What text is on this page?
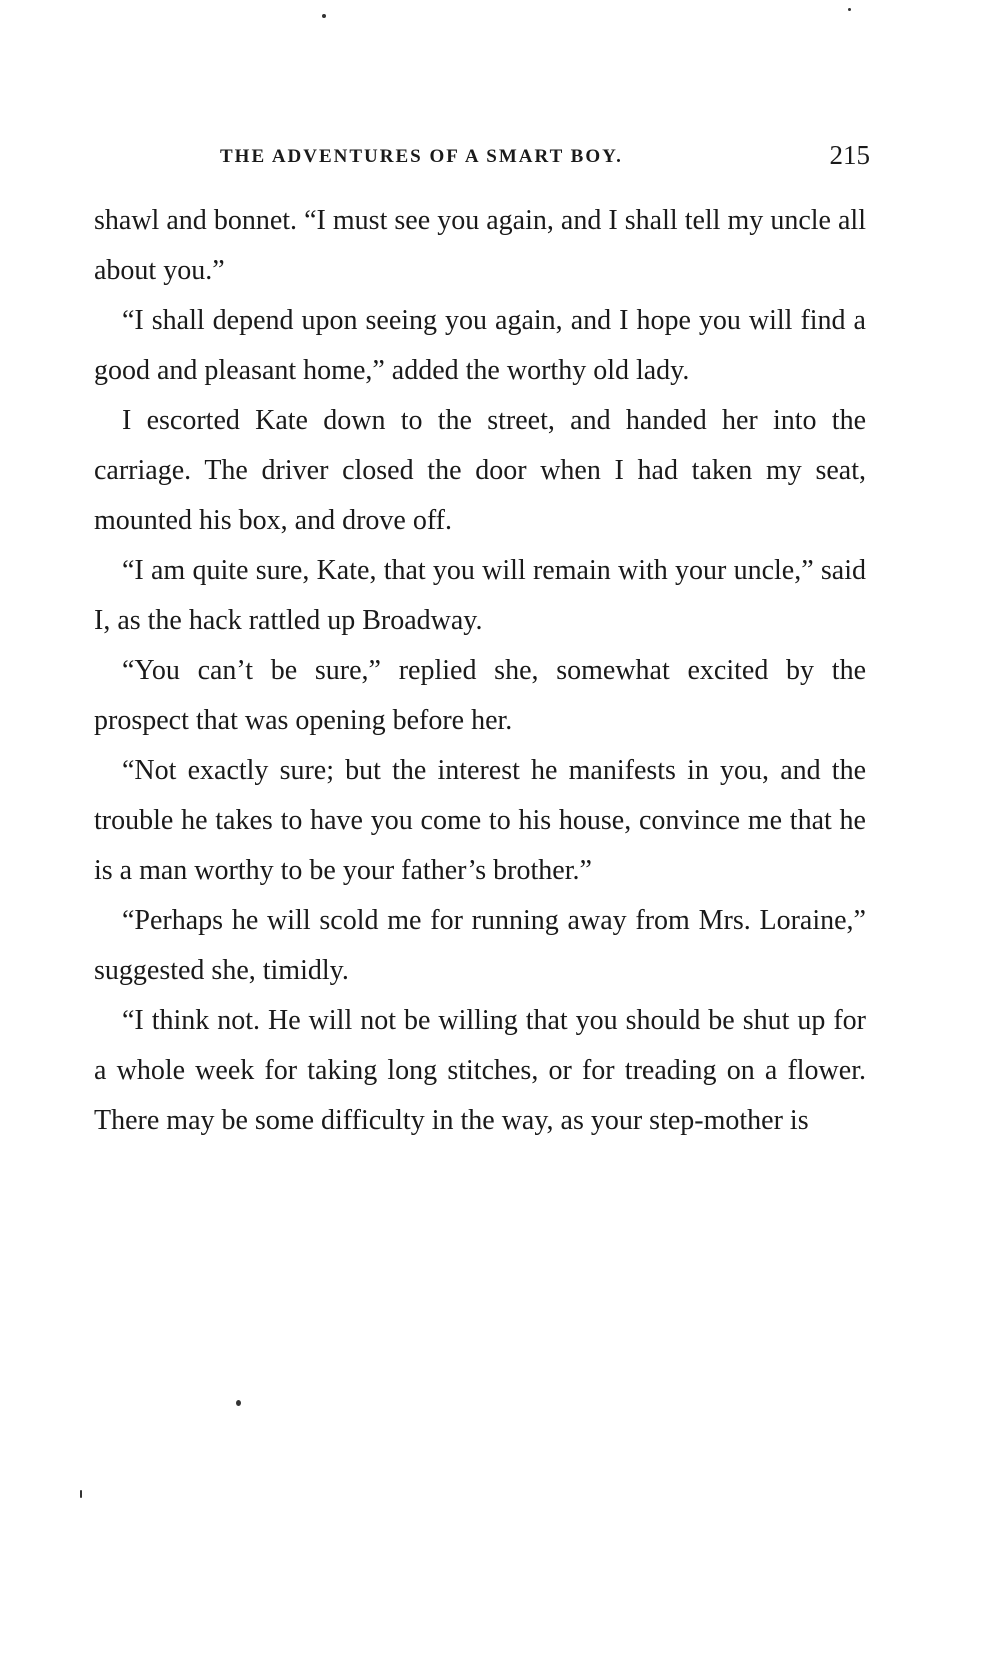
THE ADVENTURES OF A SMART BOY.	215

shawl and bonnet. “I must see you again, and I shall tell my uncle all about you.”

“I shall depend upon seeing you again, and I hope you will find a good and pleasant home,” added the worthy old lady.

I escorted Kate down to the street, and handed her into the carriage. The driver closed the door when I had taken my seat, mounted his box, and drove off.

“I am quite sure, Kate, that you will remain with your uncle,” said I, as the hack rattled up Broadway.

“You can’t be sure,” replied she, somewhat excited by the prospect that was opening before her.

“Not exactly sure; but the interest he manifests in you, and the trouble he takes to have you come to his house, convince me that he is a man worthy to be your father’s brother.”

“Perhaps he will scold me for running away from Mrs. Loraine,” suggested she, timidly.

“I think not. He will not be willing that you should be shut up for a whole week for taking long stitches, or for treading on a flower. There may be some difficulty in the way, as your step-mother is
